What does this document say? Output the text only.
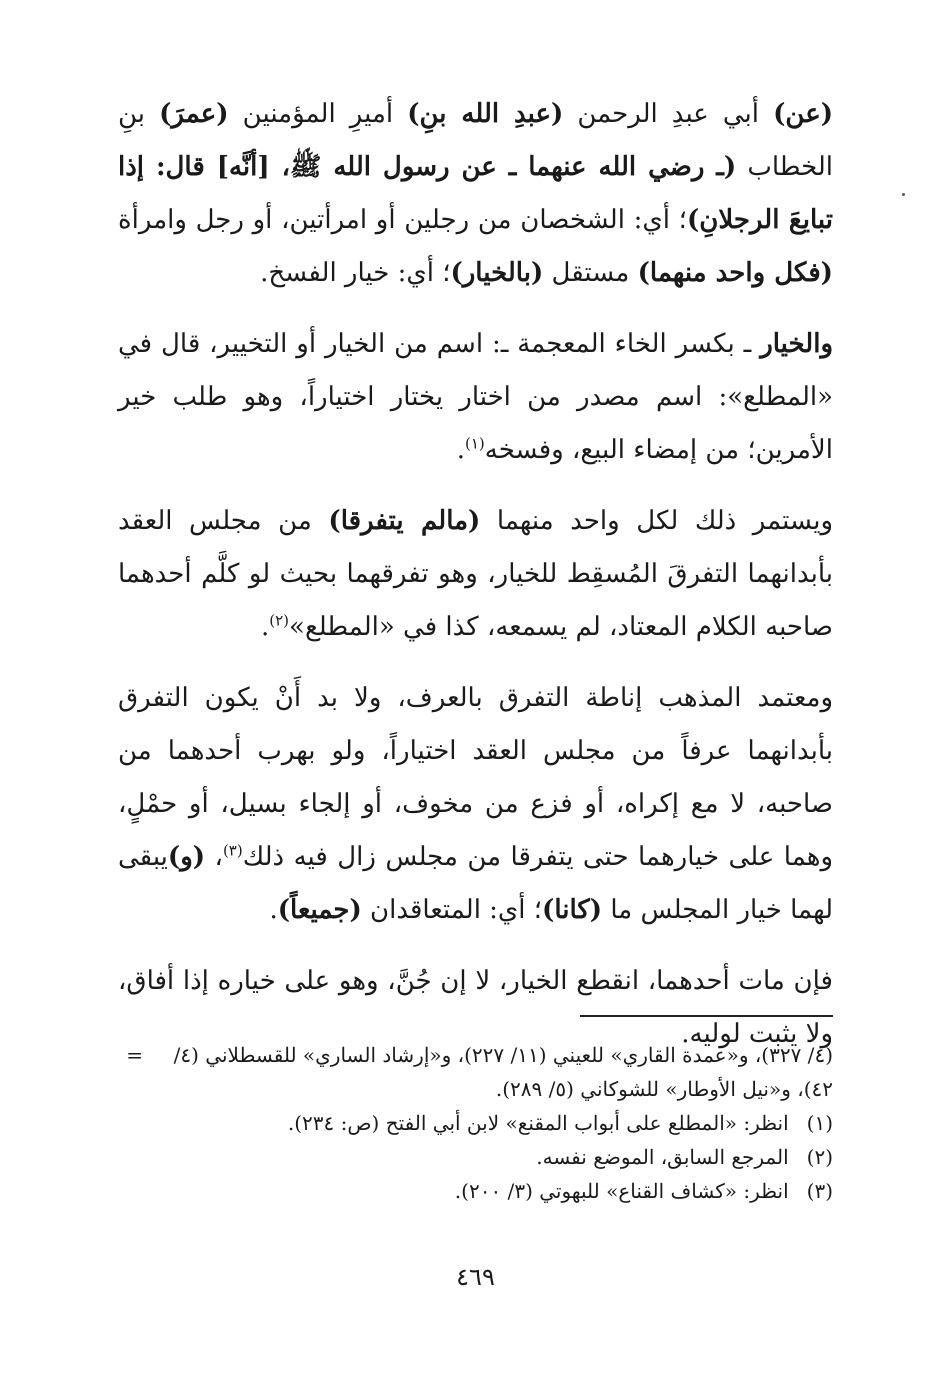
(عن) أبي عبدِ الرحمن (عبدِ الله بنِ) أميرِ المؤمنين (عمرَ) بنِ الخطاب (ـ رضي الله عنهما ـ عن رسول الله ﷺ، [أنَّه] قال: إذا تبايعَ الرجلانِ)؛ أي: الشخصان من رجلين أو امرأتين، أو رجل وامرأة (فكل واحد منهما) مستقل (بالخيار)؛ أي: خيار الفسخ.

والخيار ـ بكسر الخاء المعجمة ـ: اسم من الخيار أو التخيير، قال في «المطلع»: اسم مصدر من اختار يختار اختياراً، وهو طلب خير الأمرين؛ من إمضاء البيع، وفسخه$^{(١)}$.

ويستمر ذلك لكل واحد منهما (مالم يتفرقا) من مجلس العقد بأبدانهما التفرقَ المُسقِط للخيار، وهو تفرقهما بحيث لو كلَّم أحدهما صاحبه الكلام المعتاد، لم يسمعه، كذا في «المطلع»$^{(٢)}$.

ومعتمد المذهب إناطة التفرق بالعرف، ولا بد أَنْ يكون التفرق بأبدانهما عرفاً من مجلس العقد اختياراً، ولو بهرب أحدهما من صاحبه، لا مع إكراه، أو فزع من مخوف، أو إلجاء بسيل، أو حمْلٍ، وهما على خيارهما حتى يتفرقا من مجلس زال فيه ذلك$^{(٣)}$، (و)يبقى لهما خيار المجلس ما (كانا)؛ أي: المتعاقدان (جميعاً).

فإن مات أحدهما، انقطع الخيار، لا إن جُنَّ، وهو على خياره إذا أفاق، ولا يثبت لوليه.

(٤/ ٣٢٧)، و«عمدة القاري» للعيني (١١/ ٢٢٧)، و«إرشاد الساري» للقسطلاني (٤/ ٤٢)، و«نيل الأوطار» للشوكاني (٥/ ٢٨٩).
=

(١) انظر: «المطلع على أبواب المقنع» لابن أبي الفتح (ص: ٢٣٤).

(٢) المرجع السابق، الموضع نفسه.

(٣) انظر: «كشاف القناع» للبهوتي (٣/ ٢٠٠).

٤٦٩
